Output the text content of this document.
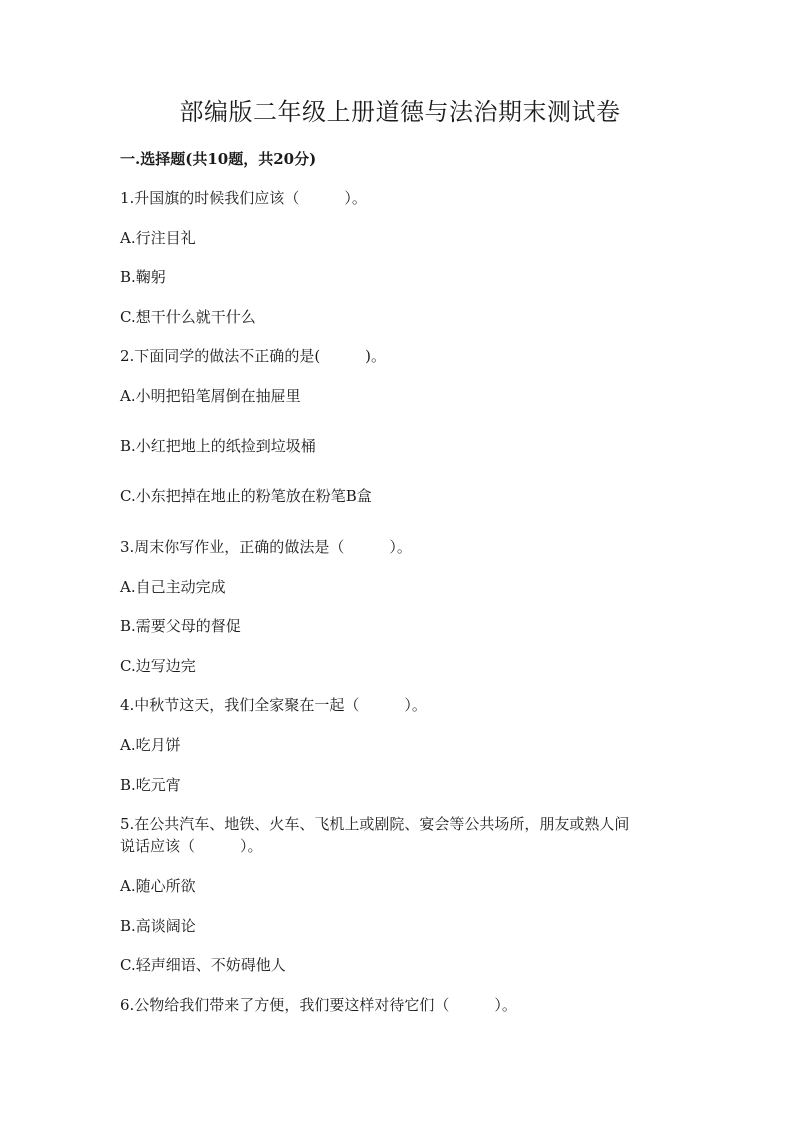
部编版二年级上册道德与法治期末测试卷
一.选择题(共10题，共20分)
1.升国旗的时候我们应该（　　　）。
A.行注目礼
B.鞠躬
C.想干什么就干什么
2.下面同学的做法不正确的是(　　　)。
A.小明把铅笔屑倒在抽屉里
B.小红把地上的纸捡到垃圾桶
C.小东把掉在地止的粉笔放在粉笔B盒
3.周末你写作业，正确的做法是（　　　）。
A.自己主动完成
B.需要父母的督促
C.边写边完
4.中秋节这天，我们全家聚在一起（　　　）。
A.吃月饼
B.吃元宵
5.在公共汽车、地铁、火车、飞机上或剧院、宴会等公共场所，朋友或熟人间
说话应该（　　　）。
A.随心所欲
B.高谈阔论
C.轻声细语、不妨碍他人
6.公物给我们带来了方便，我们要这样对待它们（　　　）。
